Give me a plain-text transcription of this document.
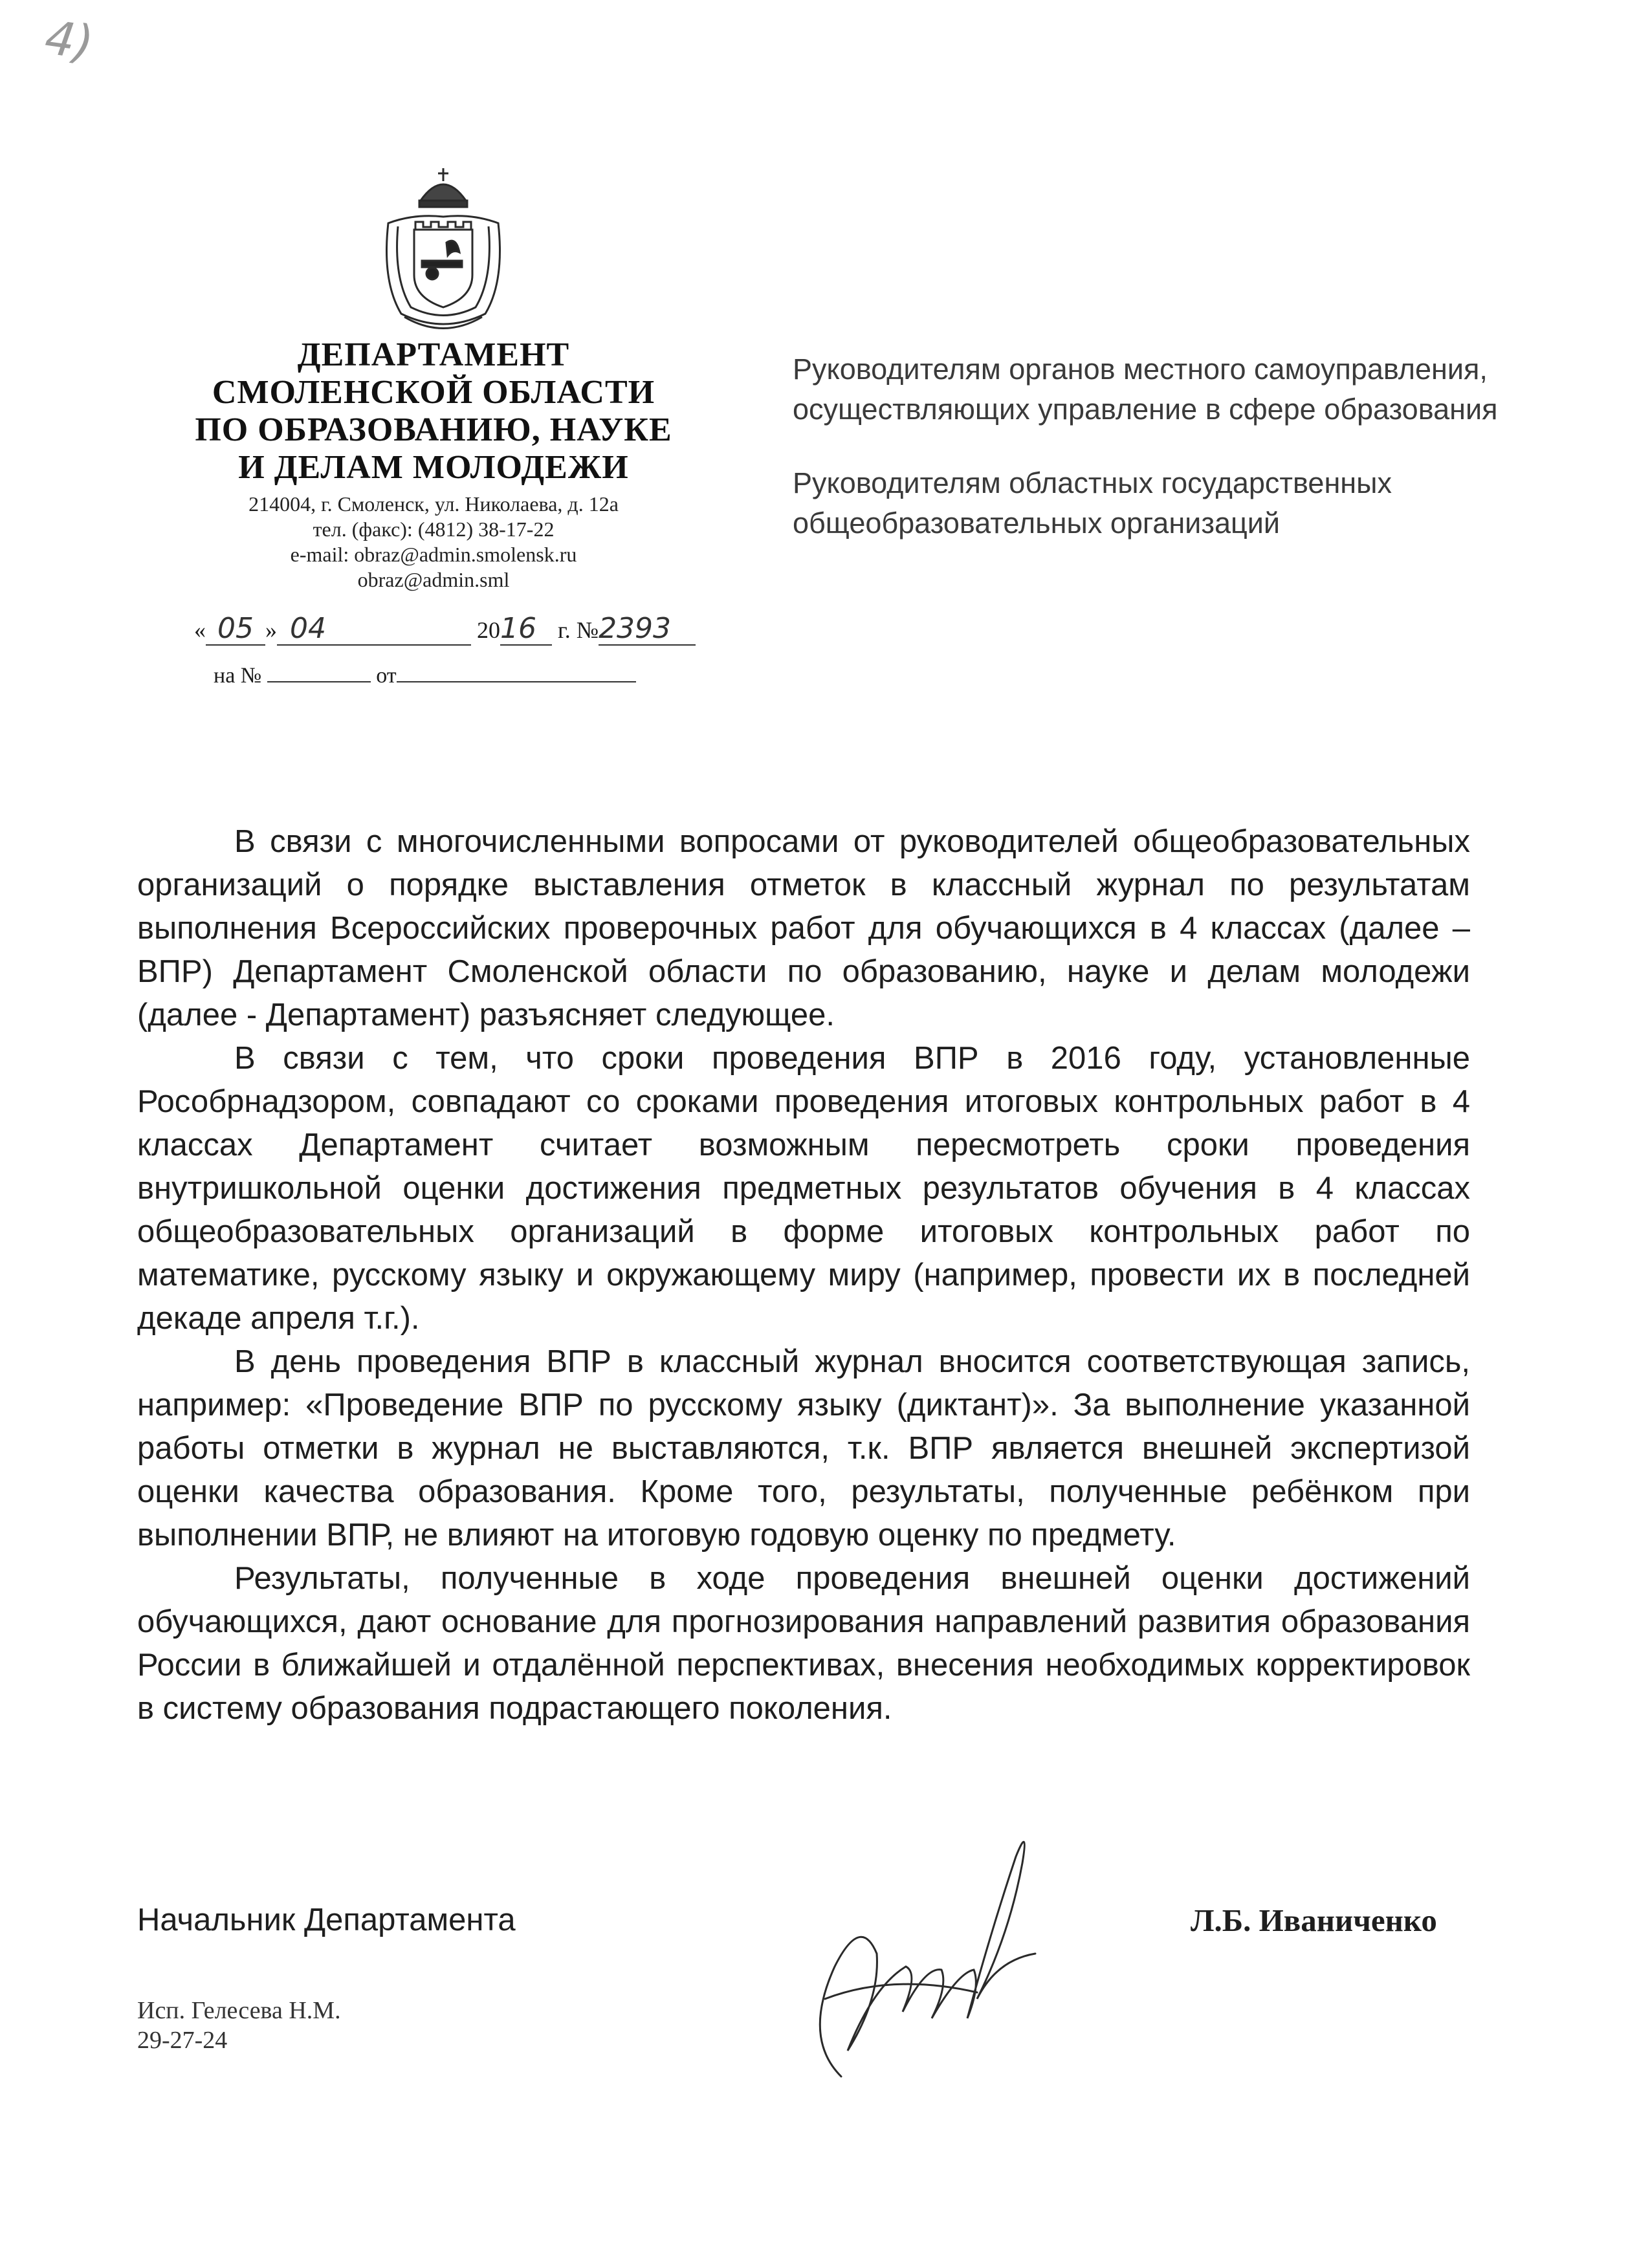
4)
ДЕПАРТАМЕНТ
СМОЛЕНСКОЙ ОБЛАСТИ
ПО ОБРАЗОВАНИЮ, НАУКЕ
И ДЕЛАМ МОЛОДЕЖИ
214004, г. Смоленск, ул. Николаева, д. 12а
тел. (факс): (4812) 38-17-22
e-mail: obraz@admin.smolensk.ru
obraz@admin.sml
« 05 » 04	2016 г. №2393
на №	от

Руководителям органов местного самоуправления, осуществляющих управление в сфере образования

Руководителям областных государственных общеобразовательных организаций

В связи с многочисленными вопросами от руководителей общеобразовательных организаций о порядке выставления отметок в классный журнал по результатам выполнения Всероссийских проверочных работ для обучающихся в 4 классах (далее – ВПР) Департамент Смоленской области по образованию, науке и делам молодежи (далее - Департамент) разъясняет следующее.

В связи с тем, что сроки проведения ВПР в 2016 году, установленные Рособрнадзором, совпадают со сроками проведения итоговых контрольных работ в 4 классах Департамент считает возможным пересмотреть сроки проведения внутришкольной оценки достижения предметных результатов обучения в 4 классах общеобразовательных организаций в форме итоговых контрольных работ по математике, русскому языку и окружающему миру (например, провести их в последней декаде апреля т.г.).

В день проведения ВПР в классный журнал вносится соответствующая запись, например: «Проведение ВПР по русскому языку (диктант)». За выполнение указанной работы отметки в журнал не выставляются, т.к. ВПР является внешней экспертизой оценки качества образования. Кроме того, результаты, полученные ребёнком при выполнении ВПР, не влияют на итоговую годовую оценку по предмету.

Результаты, полученные в ходе проведения внешней оценки достижений обучающихся, дают основание для прогнозирования направлений развития образования России в ближайшей и отдалённой перспективах, внесения необходимых корректировок в систему образования подрастающего поколения.

Начальник Департамента	Л.Б. Иваниченко
Исп. Гелесева Н.М.
29-27-24
